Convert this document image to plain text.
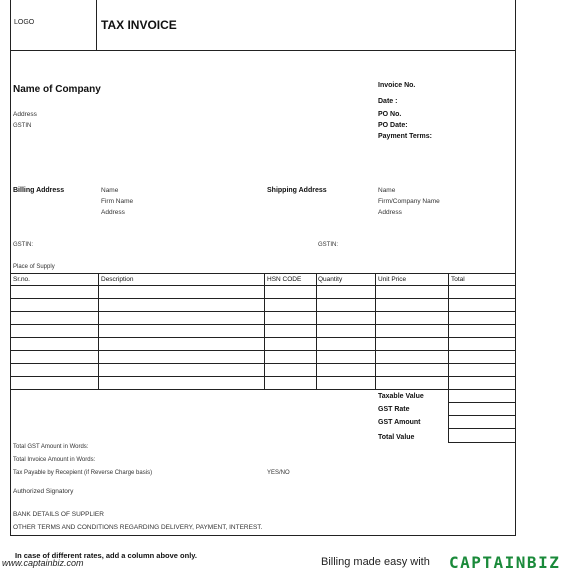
LOGO	TAX INVOICE
Name of Company
Address
GSTIN
Invoice No.
Date :
PO No.
PO Date:
Payment Terms:
Billing Address	Name
Firm Name
Address
GSTIN:
Shipping Address	Name
Firm/Company Name
Address
GSTIN:
Place of Supply
Sr.no.	Description	HSN CODE	Quantity	Unit Price	Total
Taxable Value
GST Rate
GST Amount
Total Value
Total GST Amount in Words:
Total Invoice Amount in Words:
Tax Payable by Recepient (if Reverse Charge basis)	YES/NO
Authorized Signatory
BANK DETAILS OF SUPPLIER
OTHER TERMS AND CONDITIONS REGARDING DELIVERY, PAYMENT, INTEREST.
In case of different rates, add a column above only.
www.captainbiz.com	Billing made easy with CAPTAINBIZ
